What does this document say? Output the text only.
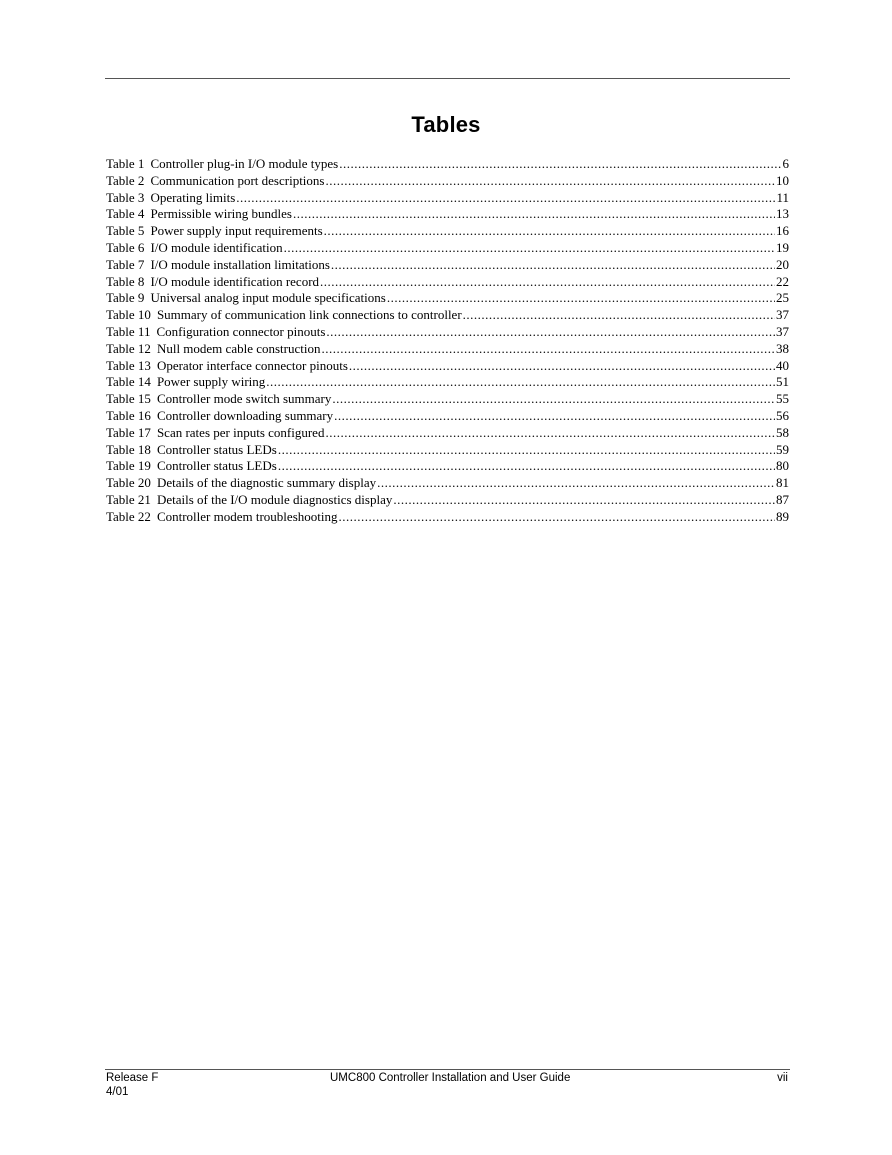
Tables
Table 1 Controller plug-in I/O module types .....	6
Table 2 Communication port descriptions .....	10
Table 3 Operating limits .....	11
Table 4 Permissible wiring bundles .....	13
Table 5 Power supply input requirements .....	16
Table 6 I/O module identification .....	19
Table 7 I/O module installation limitations .....	20
Table 8 I/O module identification record .....	22
Table 9 Universal analog input module specifications .....	25
Table 10 Summary of communication link connections to controller .....	37
Table 11 Configuration connector pinouts .....	37
Table 12 Null modem cable construction .....	38
Table 13 Operator interface connector pinouts .....	40
Table 14 Power supply wiring .....	51
Table 15 Controller mode switch summary .....	55
Table 16 Controller downloading summary .....	56
Table 17 Scan rates per inputs configured .....	58
Table 18 Controller status LEDs .....	59
Table 19 Controller status LEDs .....	80
Table 20 Details of the diagnostic summary display .....	81
Table 21 Details of the I/O module diagnostics display .....	87
Table 22 Controller modem troubleshooting .....	89
Release F
4/01
UMC800 Controller Installation and User Guide	vii
